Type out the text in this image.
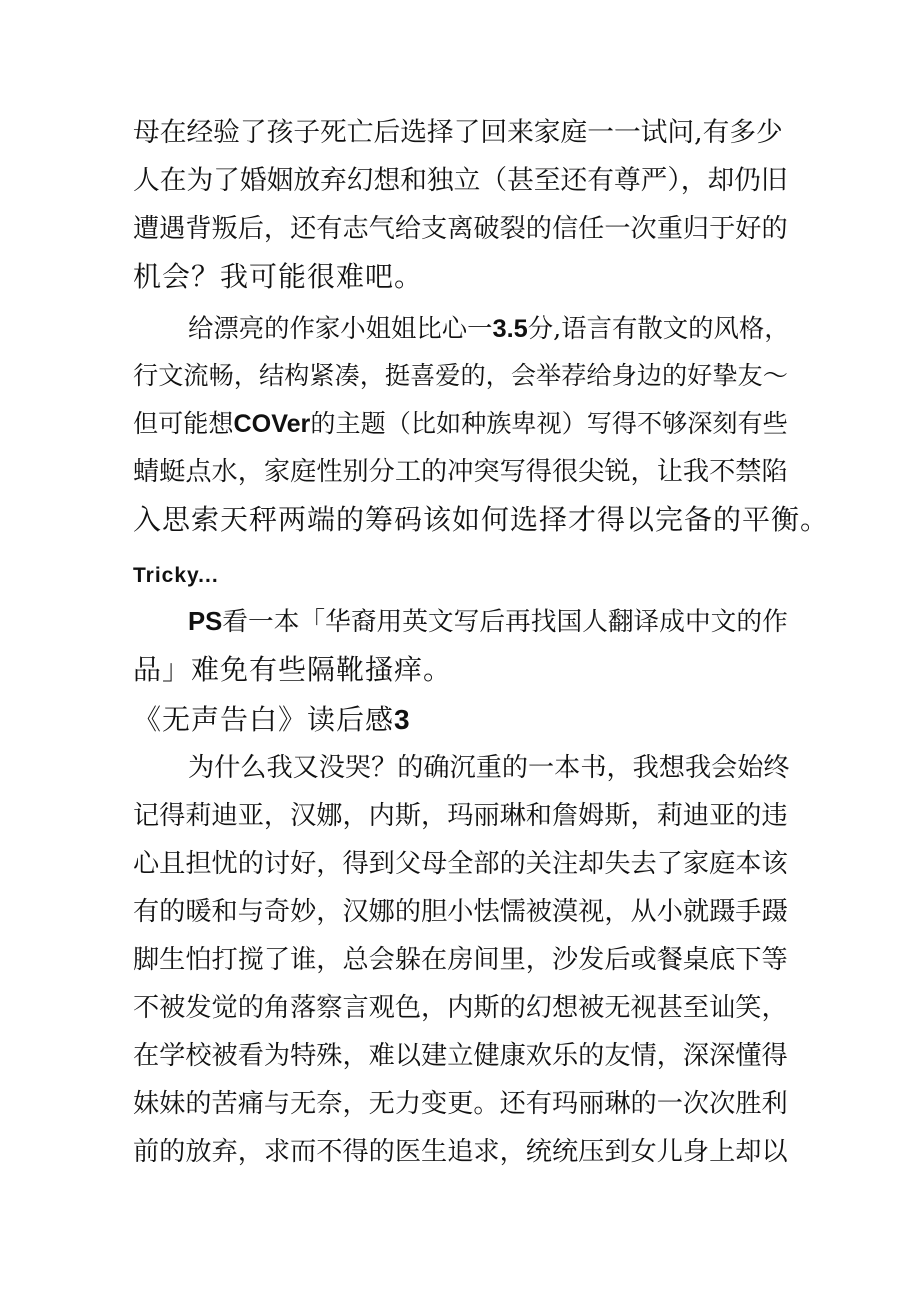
母在经验了孩子死亡后选择了回来家庭一一试问,有多少
人在为了婚姻放弃幻想和独立（甚至还有尊严），却仍旧
遭遇背叛后，还有志气给支离破裂的信任一次重归于好的
机会？我可能很难吧。
给漂亮的作家小姐姐比心一3.5分,语言有散文的风格，
行文流畅，结构紧凑，挺喜爱的，会举荐给身边的好挚友〜
但可能想COVer的主题（比如种族卑视）写得不够深刻有些
蜻蜓点水，家庭性别分工的冲突写得很尖锐，让我不禁陷
入思索天秤两端的筹码该如何选择才得以完备的平衡。
Tricky...
PS看一本「华裔用英文写后再找国人翻译成中文的作
品」难免有些隔靴搔痒。
《无声告白》读后感3
为什么我又没哭？的确沉重的一本书，我想我会始终
记得莉迪亚，汉娜，内斯，玛丽琳和詹姆斯，莉迪亚的违
心且担忧的讨好，得到父母全部的关注却失去了家庭本该
有的暖和与奇妙，汉娜的胆小怯懦被漠视，从小就蹑手蹑
脚生怕打搅了谁，总会躲在房间里，沙发后或餐桌底下等
不被发觉的角落察言观色，内斯的幻想被无视甚至讪笑，
在学校被看为特殊，难以建立健康欢乐的友情，深深懂得
妹妹的苦痛与无奈，无力变更。还有玛丽琳的一次次胜利
前的放弃，求而不得的医生追求，统统压到女儿身上却以
